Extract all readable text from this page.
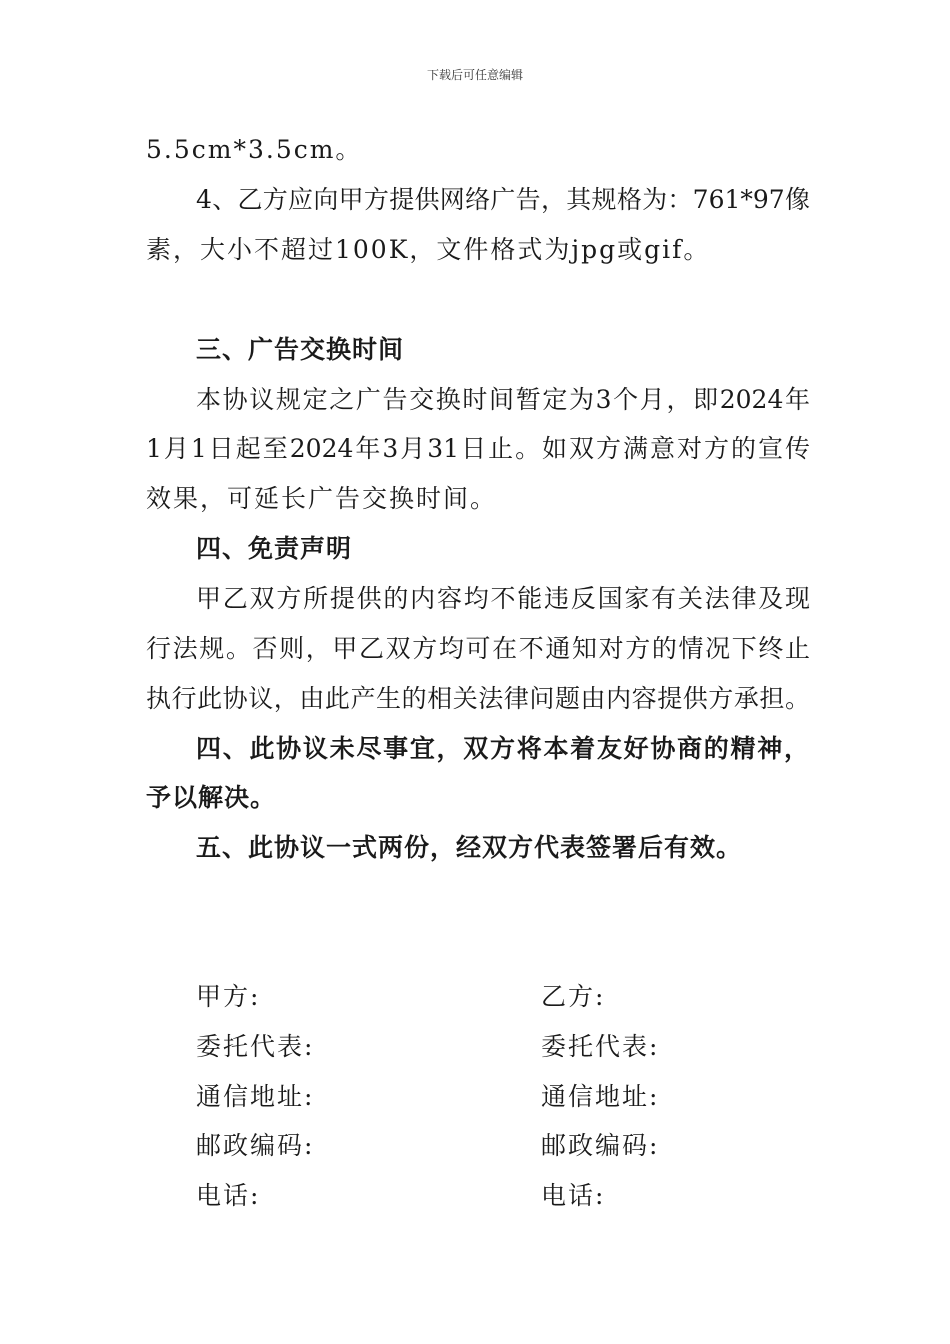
下载后可任意编辑
5.5cm*3.5cm。
4、乙方应向甲方提供网络广告，其规格为：761*97像
素，大小不超过100K，文件格式为jpg或gif。
三、广告交换时间
本协议规定之广告交换时间暂定为3个月，即2024年
1月1日起至2024年3月31日止。如双方满意对方的宣传
效果，可延长广告交换时间。
四、免责声明
甲乙双方所提供的内容均不能违反国家有关法律及现
行法规。否则，甲乙双方均可在不通知对方的情况下终止
执行此协议，由此产生的相关法律问题由内容提供方承担。
四、此协议未尽事宜，双方将本着友好协商的精神，
予以解决。
五、此协议一式两份，经双方代表签署后有效。
甲方:
委托代表:
通信地址:
邮政编码:
电话:
乙方:
委托代表:
通信地址:
邮政编码:
电话:
